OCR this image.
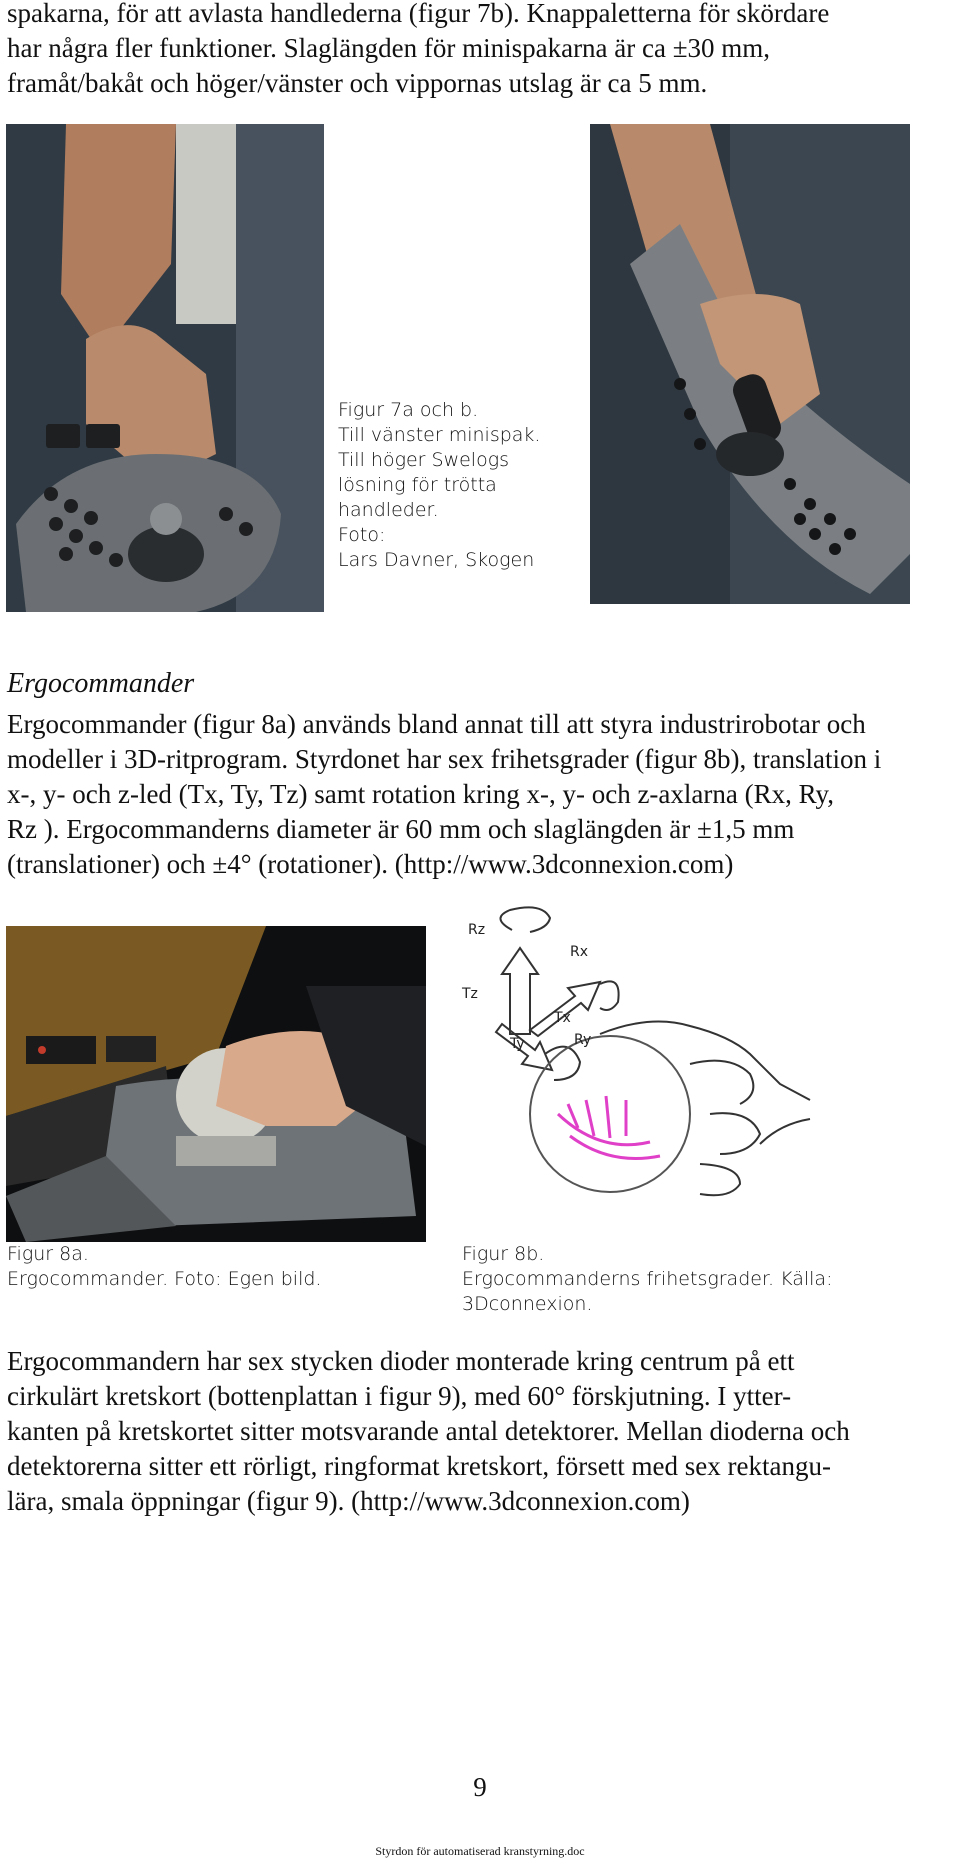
spakarna, för att avlasta handlederna (figur 7b). Knappaletterna för skördare
har några fler funktioner. Slaglängden för minispakarna är ca ±30 mm,
framåt/bakåt och höger/vänster och vippornas utslag är ca 5 mm.
Figur 7a och b.
Till vänster minispak.
Till höger Swelogs
lösning för trötta
handleder.
Foto:
Lars Davner, Skogen
Ergocommander
Ergocommander (figur 8a) används bland annat till att styra industrirobotar och
modeller i 3D-ritprogram. Styrdonet har sex frihetsgrader (figur 8b), translation i
x-, y- och z-led (Tx, Ty, Tz) samt rotation kring x-, y- och z-axlarna (Rx, Ry,
Rz ). Ergocommanderns diameter är 60 mm och slaglängden är ±1,5 mm
(translationer) och ±4° (rotationer). (http://www.3dconnexion.com)
Rz
Rx
Tz
Tx
Ty	Ry
Figur 8a.
Ergocommander. Foto: Egen bild.
Figur 8b.
Ergocommanderns frihetsgrader. Källa:
3Dconnexion.
Ergocommandern har sex stycken dioder monterade kring centrum på ett
cirkulärt kretskort (bottenplattan i figur 9), med 60° förskjutning. I ytter-
kanten på kretskortet sitter motsvarande antal detektorer. Mellan dioderna och
detektorerna sitter ett rörligt, ringformat kretskort, försett med sex rektangu-
lära, smala öppningar (figur 9). (http://www.3dconnexion.com)
9
Styrdon för automatiserad kranstyrning.doc
